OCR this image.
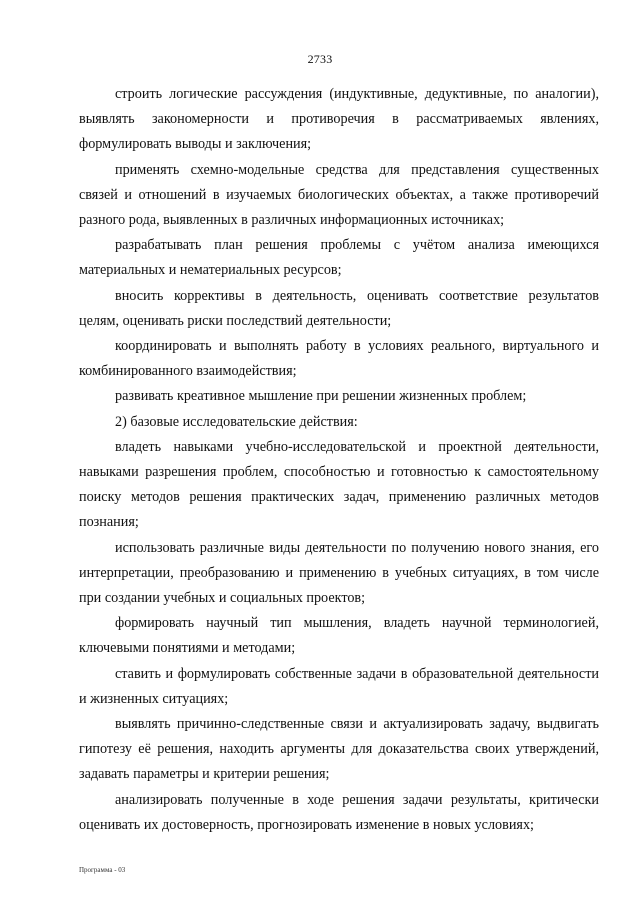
2733

строить логические рассуждения (индуктивные, дедуктивные, по аналогии), выявлять закономерности и противоречия в рассматриваемых явлениях, формулировать выводы и заключения;

применять схемно-модельные средства для представления существенных связей и отношений в изучаемых биологических объектах, а также противоречий разного рода, выявленных в различных информационных источниках;

разрабатывать план решения проблемы с учётом анализа имеющихся материальных и нематериальных ресурсов;

вносить коррективы в деятельность, оценивать соответствие результатов целям, оценивать риски последствий деятельности;

координировать и выполнять работу в условиях реального, виртуального и комбинированного взаимодействия;

развивать креативное мышление при решении жизненных проблем;

2) базовые исследовательские действия:

владеть навыками учебно-исследовательской и проектной деятельности, навыками разрешения проблем, способностью и готовностью к самостоятельному поиску методов решения практических задач, применению различных методов познания;

использовать различные виды деятельности по получению нового знания, его интерпретации, преобразованию и применению в учебных ситуациях, в том числе при создании учебных и социальных проектов;

формировать научный тип мышления, владеть научной терминологией, ключевыми понятиями и методами;

ставить и формулировать собственные задачи в образовательной деятельности и жизненных ситуациях;

выявлять причинно-следственные связи и актуализировать задачу, выдвигать гипотезу её решения, находить аргументы для доказательства своих утверждений, задавать параметры и критерии решения;

анализировать полученные в ходе решения задачи результаты, критически оценивать их достоверность, прогнозировать изменение в новых условиях;

Программа - 03
